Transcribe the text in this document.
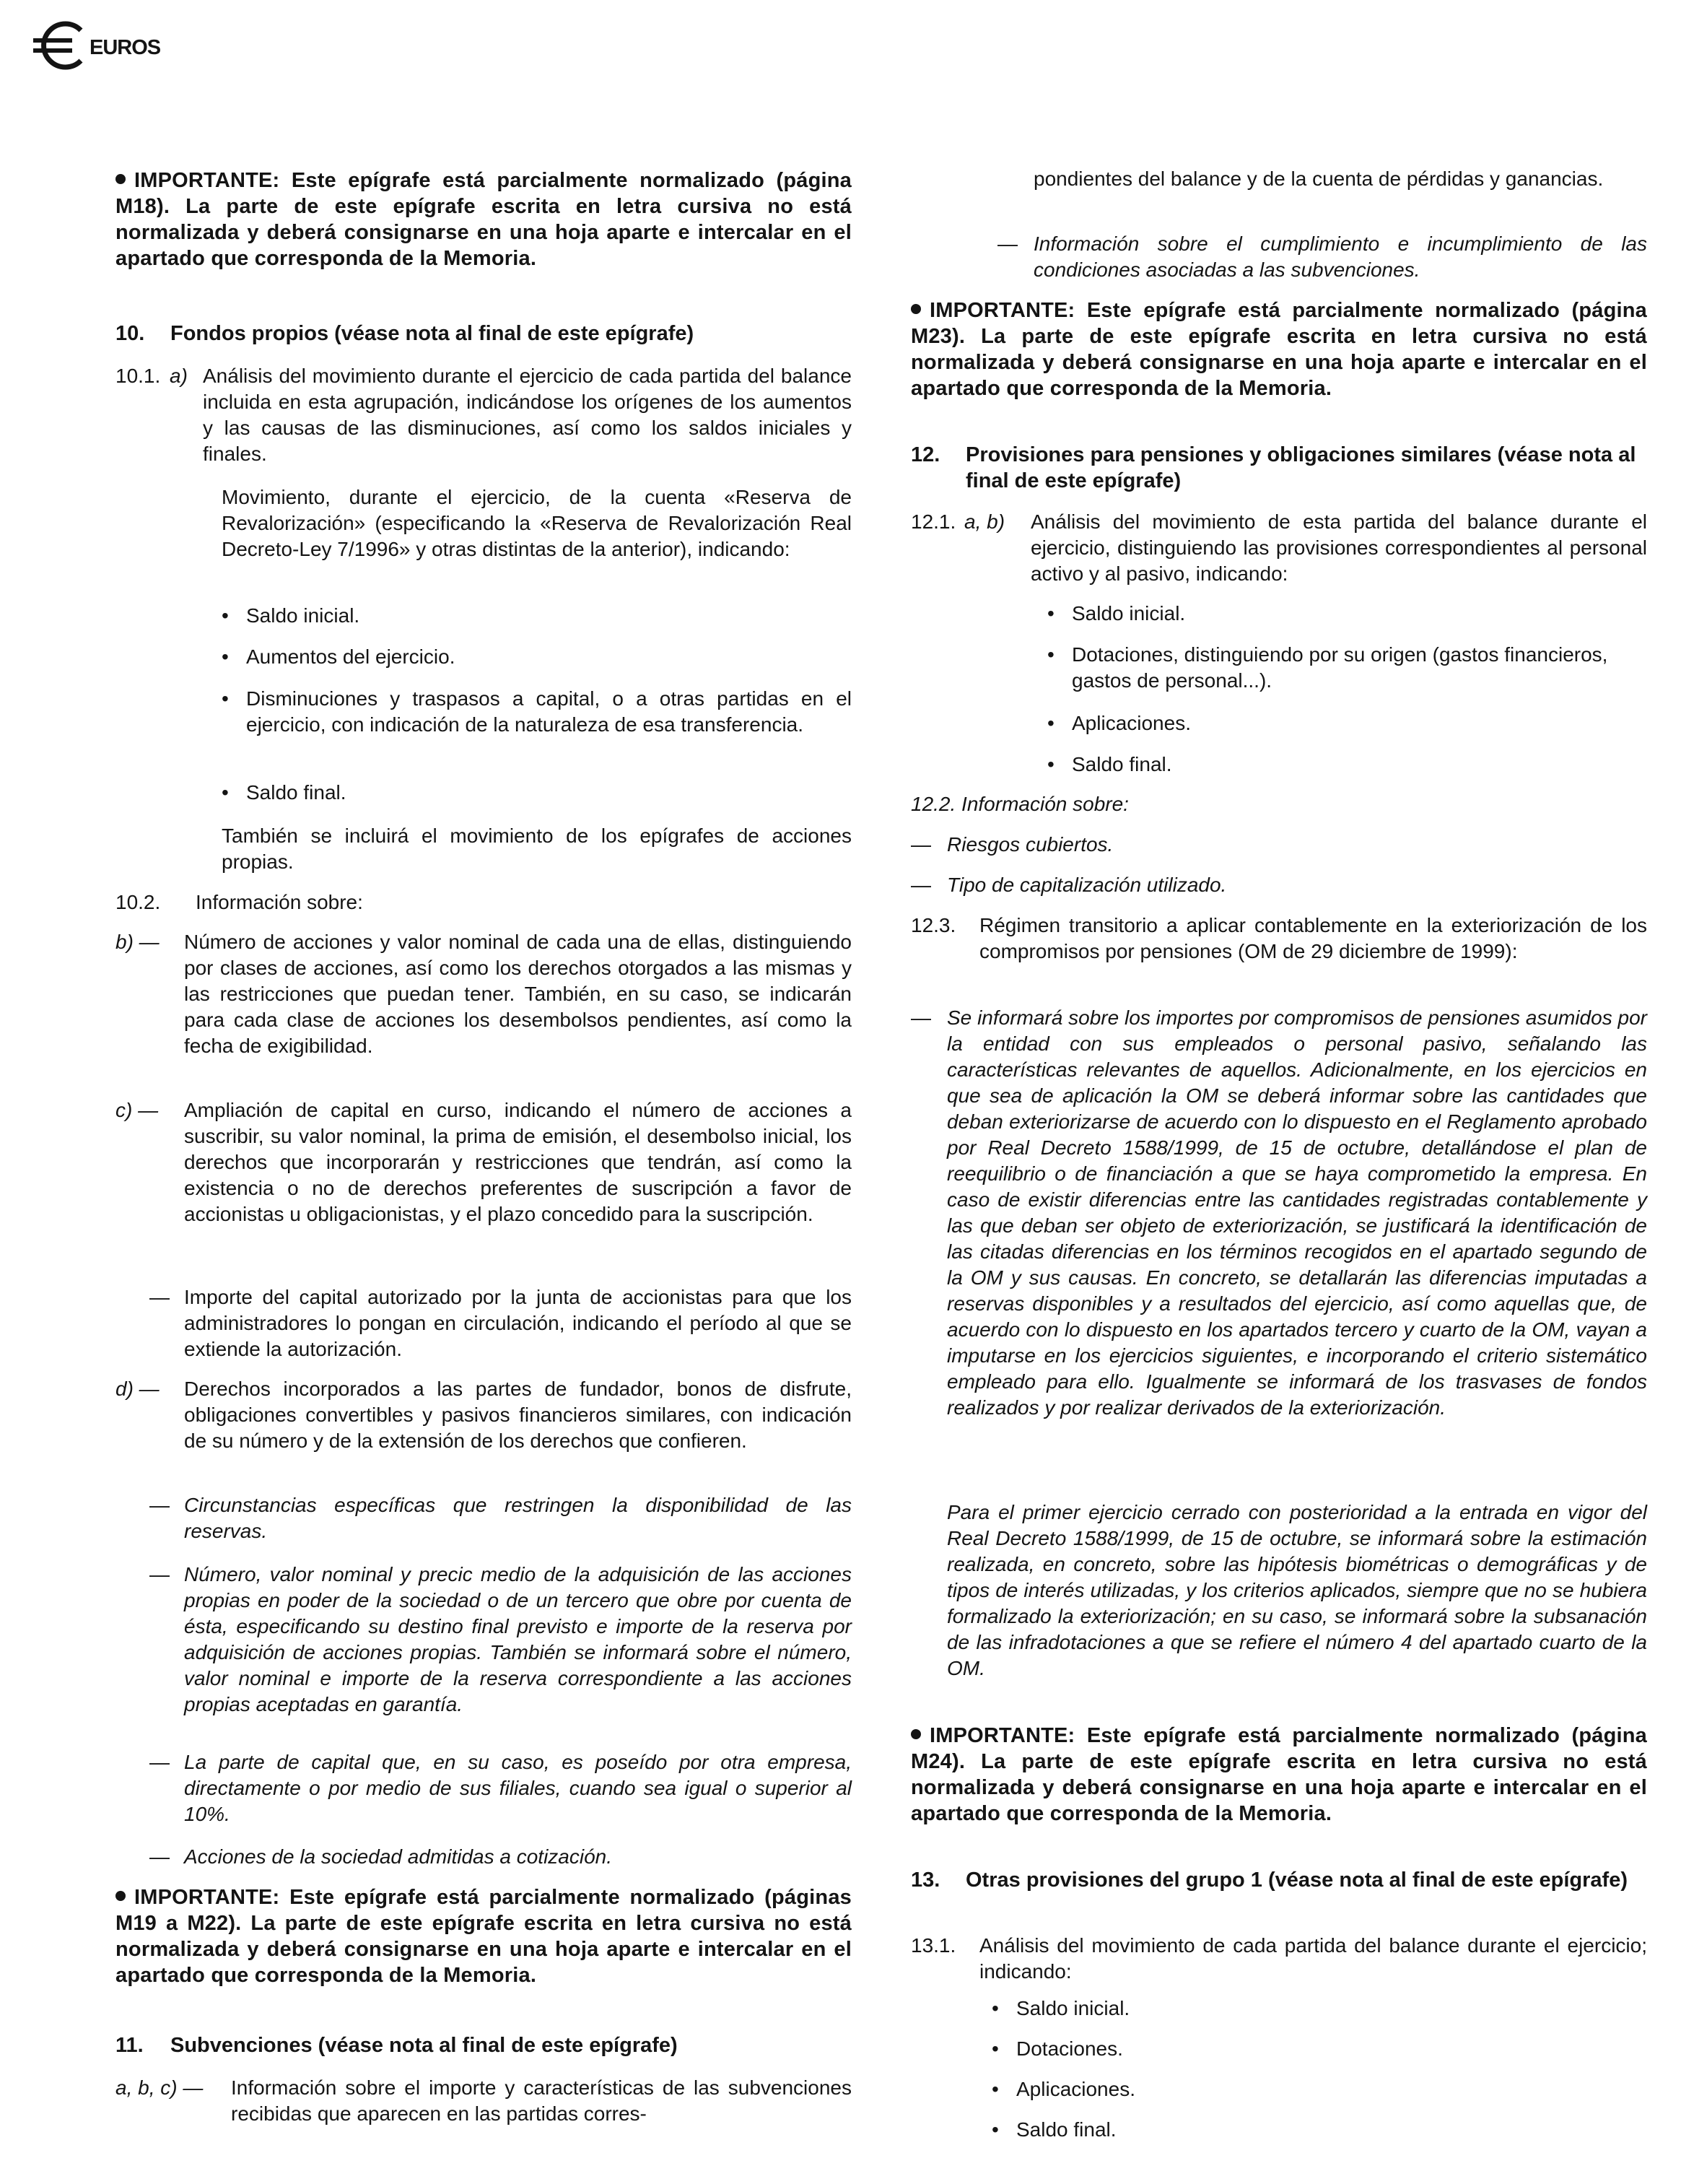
EUROS
IMPORTANTE: Este epígrafe está parcialmente normalizado (página M18). La parte de este epígrafe escrita en letra cursiva no está normalizada y deberá consignarse en una hoja aparte e intercalar en el apartado que corresponda de la Memoria.
10.	Fondos propios (véase nota al final de este epígrafe)
10.1. a) Análisis del movimiento durante el ejercicio de cada partida del balance incluida en esta agrupación, indicándose los orígenes de los aumentos y las causas de las disminuciones, así como los saldos iniciales y finales.
Movimiento, durante el ejercicio, de la cuenta «Reserva de Revalorización» (especificando la «Reserva de Revalorización Real Decreto-Ley 7/1996» y otras distintas de la anterior), indicando:
• Saldo inicial.
• Aumentos del ejercicio.
• Disminuciones y traspasos a capital, o a otras partidas en el ejercicio, con indicación de la naturaleza de esa transferencia.
• Saldo final.
También se incluirá el movimiento de los epígrafes de acciones propias.
10.2.	Información sobre:
b) —	Número de acciones y valor nominal de cada una de ellas, distinguiendo por clases de acciones, así como los derechos otorgados a las mismas y las restricciones que puedan tener. También, en su caso, se indicarán para cada clase de acciones los desembolsos pendientes, así como la fecha de exigibilidad.
c) —	Ampliación de capital en curso, indicando el número de acciones a suscribir, su valor nominal, la prima de emisión, el desembolso inicial, los derechos que incorporarán y restricciones que tendrán, así como la existencia o no de derechos preferentes de suscripción a favor de accionistas u obligacionistas, y el plazo concedido para la suscripción.
— Importe del capital autorizado por la junta de accionistas para que los administradores lo pongan en circulación, indicando el período al que se extiende la autorización.
d) —	Derechos incorporados a las partes de fundador, bonos de disfrute, obligaciones convertibles y pasivos financieros similares, con indicación de su número y de la extensión de los derechos que confieren.
— Circunstancias específicas que restringen la disponibilidad de las reservas.
— Número, valor nominal y precic medio de la adquisición de las acciones propias en poder de la sociedad o de un tercero que obre por cuenta de ésta, especificando su destino final previsto e importe de la reserva por adquisición de acciones propias. También se informará sobre el número, valor nominal e importe de la reserva correspondiente a las acciones propias aceptadas en garantía.
— La parte de capital que, en su caso, es poseído por otra empresa, directamente o por medio de sus filiales, cuando sea igual o superior al 10%.
— Acciones de la sociedad admitidas a cotización.
IMPORTANTE: Este epígrafe está parcialmente normalizado (páginas M19 a M22). La parte de este epígrafe escrita en letra cursiva no está normalizada y deberá consignarse en una hoja aparte e intercalar en el apartado que corresponda de la Memoria.
11.	Subvenciones (véase nota al final de este epígrafe)
a, b, c) —	Información sobre el importe y características de las subvenciones recibidas que aparecen en las partidas corres-
pondientes del balance y de la cuenta de pérdidas y ganancias.
— Información sobre el cumplimiento e incumplimiento de las condiciones asociadas a las subvenciones.
IMPORTANTE: Este epígrafe está parcialmente normalizado (página M23). La parte de este epígrafe escrita en letra cursiva no está normalizada y deberá consignarse en una hoja aparte e intercalar en el apartado que corresponda de la Memoria.
12.	Provisiones para pensiones y obligaciones similares (véase nota al final de este epígrafe)
12.1. a, b)	Análisis del movimiento de esta partida del balance durante el ejercicio, distinguiendo las provisiones correspondientes al personal activo y al pasivo, indicando:
• Saldo inicial.
• Dotaciones, distinguiendo por su origen (gastos financieros, gastos de personal...).
• Aplicaciones.
• Saldo final.
12.2. Información sobre:
— Riesgos cubiertos.
— Tipo de capitalización utilizado.
12.3.	Régimen transitorio a aplicar contablemente en la exteriorización de los compromisos por pensiones (OM de 29 diciembre de 1999):
— Se informará sobre los importes por compromisos de pensiones asumidos por la entidad con sus empleados o personal pasivo, señalando las características relevantes de aquellos. Adicionalmente, en los ejercicios en que sea de aplicación la OM se deberá informar sobre las cantidades que deban exteriorizarse de acuerdo con lo dispuesto en el Reglamento aprobado por Real Decreto 1588/1999, de 15 de octubre, detallándose el plan de reequilibrio o de financiación a que se haya comprometido la empresa. En caso de existir diferencias entre las cantidades registradas contablemente y las que deban ser objeto de exteriorización, se justificará la identificación de las citadas diferencias en los términos recogidos en el apartado segundo de la OM y sus causas. En concreto, se detallarán las diferencias imputadas a reservas disponibles y a resultados del ejercicio, así como aquellas que, de acuerdo con lo dispuesto en los apartados tercero y cuarto de la OM, vayan a imputarse en los ejercicios siguientes, e incorporando el criterio sistemático empleado para ello. Igualmente se informará de los trasvases de fondos realizados y por realizar derivados de la exteriorización.
Para el primer ejercicio cerrado con posterioridad a la entrada en vigor del Real Decreto 1588/1999, de 15 de octubre, se informará sobre la estimación realizada, en concreto, sobre las hipótesis biométricas o demográficas y de tipos de interés utilizadas, y los criterios aplicados, siempre que no se hubiera formalizado la exteriorización; en su caso, se informará sobre la subsanación de las infradotaciones a que se refiere el número 4 del apartado cuarto de la OM.
IMPORTANTE: Este epígrafe está parcialmente normalizado (página M24). La parte de este epígrafe escrita en letra cursiva no está normalizada y deberá consignarse en una hoja aparte e intercalar en el apartado que corresponda de la Memoria.
13.	Otras provisiones del grupo 1 (véase nota al final de este epígrafe)
13.1.	Análisis del movimiento de cada partida del balance durante el ejercicio; indicando:
• Saldo inicial.
• Dotaciones.
• Aplicaciones.
• Saldo final.
